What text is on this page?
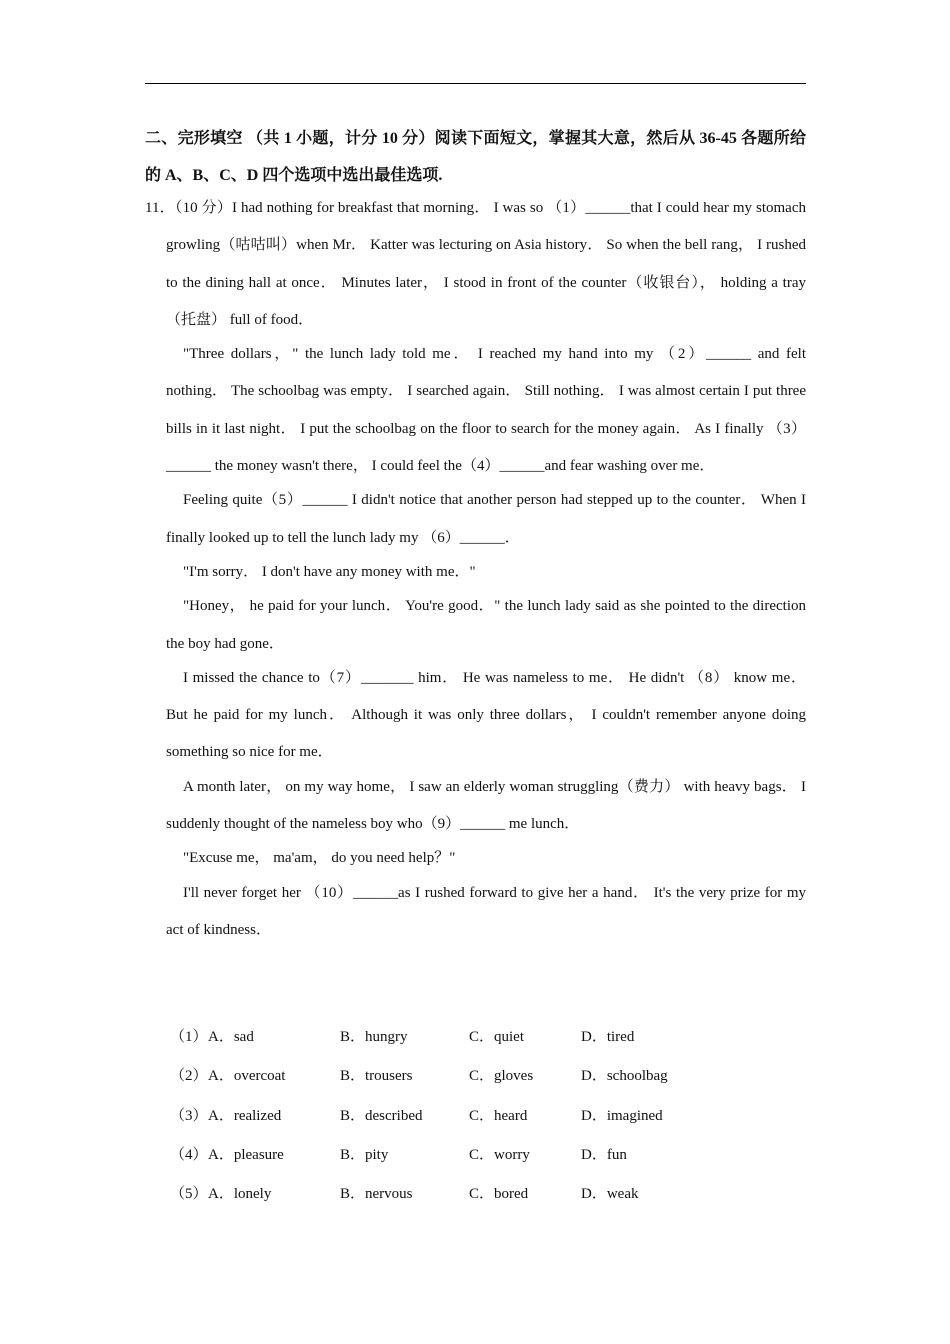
二、完形填空 （共 1 小题，计分 10 分）阅读下面短文，掌握其大意，然后从 36-45 各题所给的 A、B、C、D 四个选项中选出最佳选项.

11．（10 分）I had nothing for breakfast that morning． I was so （1）______that I could hear my stomach growling（咕咕叫）when Mr． Katter was lecturing on Asia history． So when the bell rang， I rushed to the dining hall at once． Minutes later， I stood in front of the counter（收银台）， holding a tray（托盘） full of food．

"Three dollars，" the lunch lady told me． I reached my hand into my （2）______ and felt nothing． The schoolbag was empty． I searched again． Still nothing． I was almost certain I put three bills in it last night． I put the schoolbag on the floor to search for the money again． As I finally （3）______ the money wasn't there， I could feel the（4）______and fear washing over me．

Feeling quite（5）______ I didn't notice that another person had stepped up to the counter． When I finally looked up to tell the lunch lady my （6）______．

"I'm sorry． I don't have any money with me．"

"Honey， he paid for your lunch． You're good．" the lunch lady said as she pointed to the direction the boy had gone．

I missed the chance to（7）_______ him． He was nameless to me． He didn't （8） know me． But he paid for my lunch． Although it was only three dollars， I couldn't remember anyone doing something so nice for me．

A month later， on my way home， I saw an elderly woman struggling（费力） with heavy bags． I suddenly thought of the nameless boy who（9）______ me lunch．

"Excuse me， ma'am， do you need help？"

I'll never forget her （10）______as I rushed forward to give her a hand． It's the very prize for my act of kindness．

（1） A．sad	B．hungry	C．quiet	D．tired
（2） A．overcoat	B．trousers	C．gloves	D．schoolbag
（3） A．realized	B．described	C．heard	D．imagined
（4） A．pleasure	B．pity	C．worry	D．fun
（5） A．lonely	B．nervous	C．bored	D．weak
